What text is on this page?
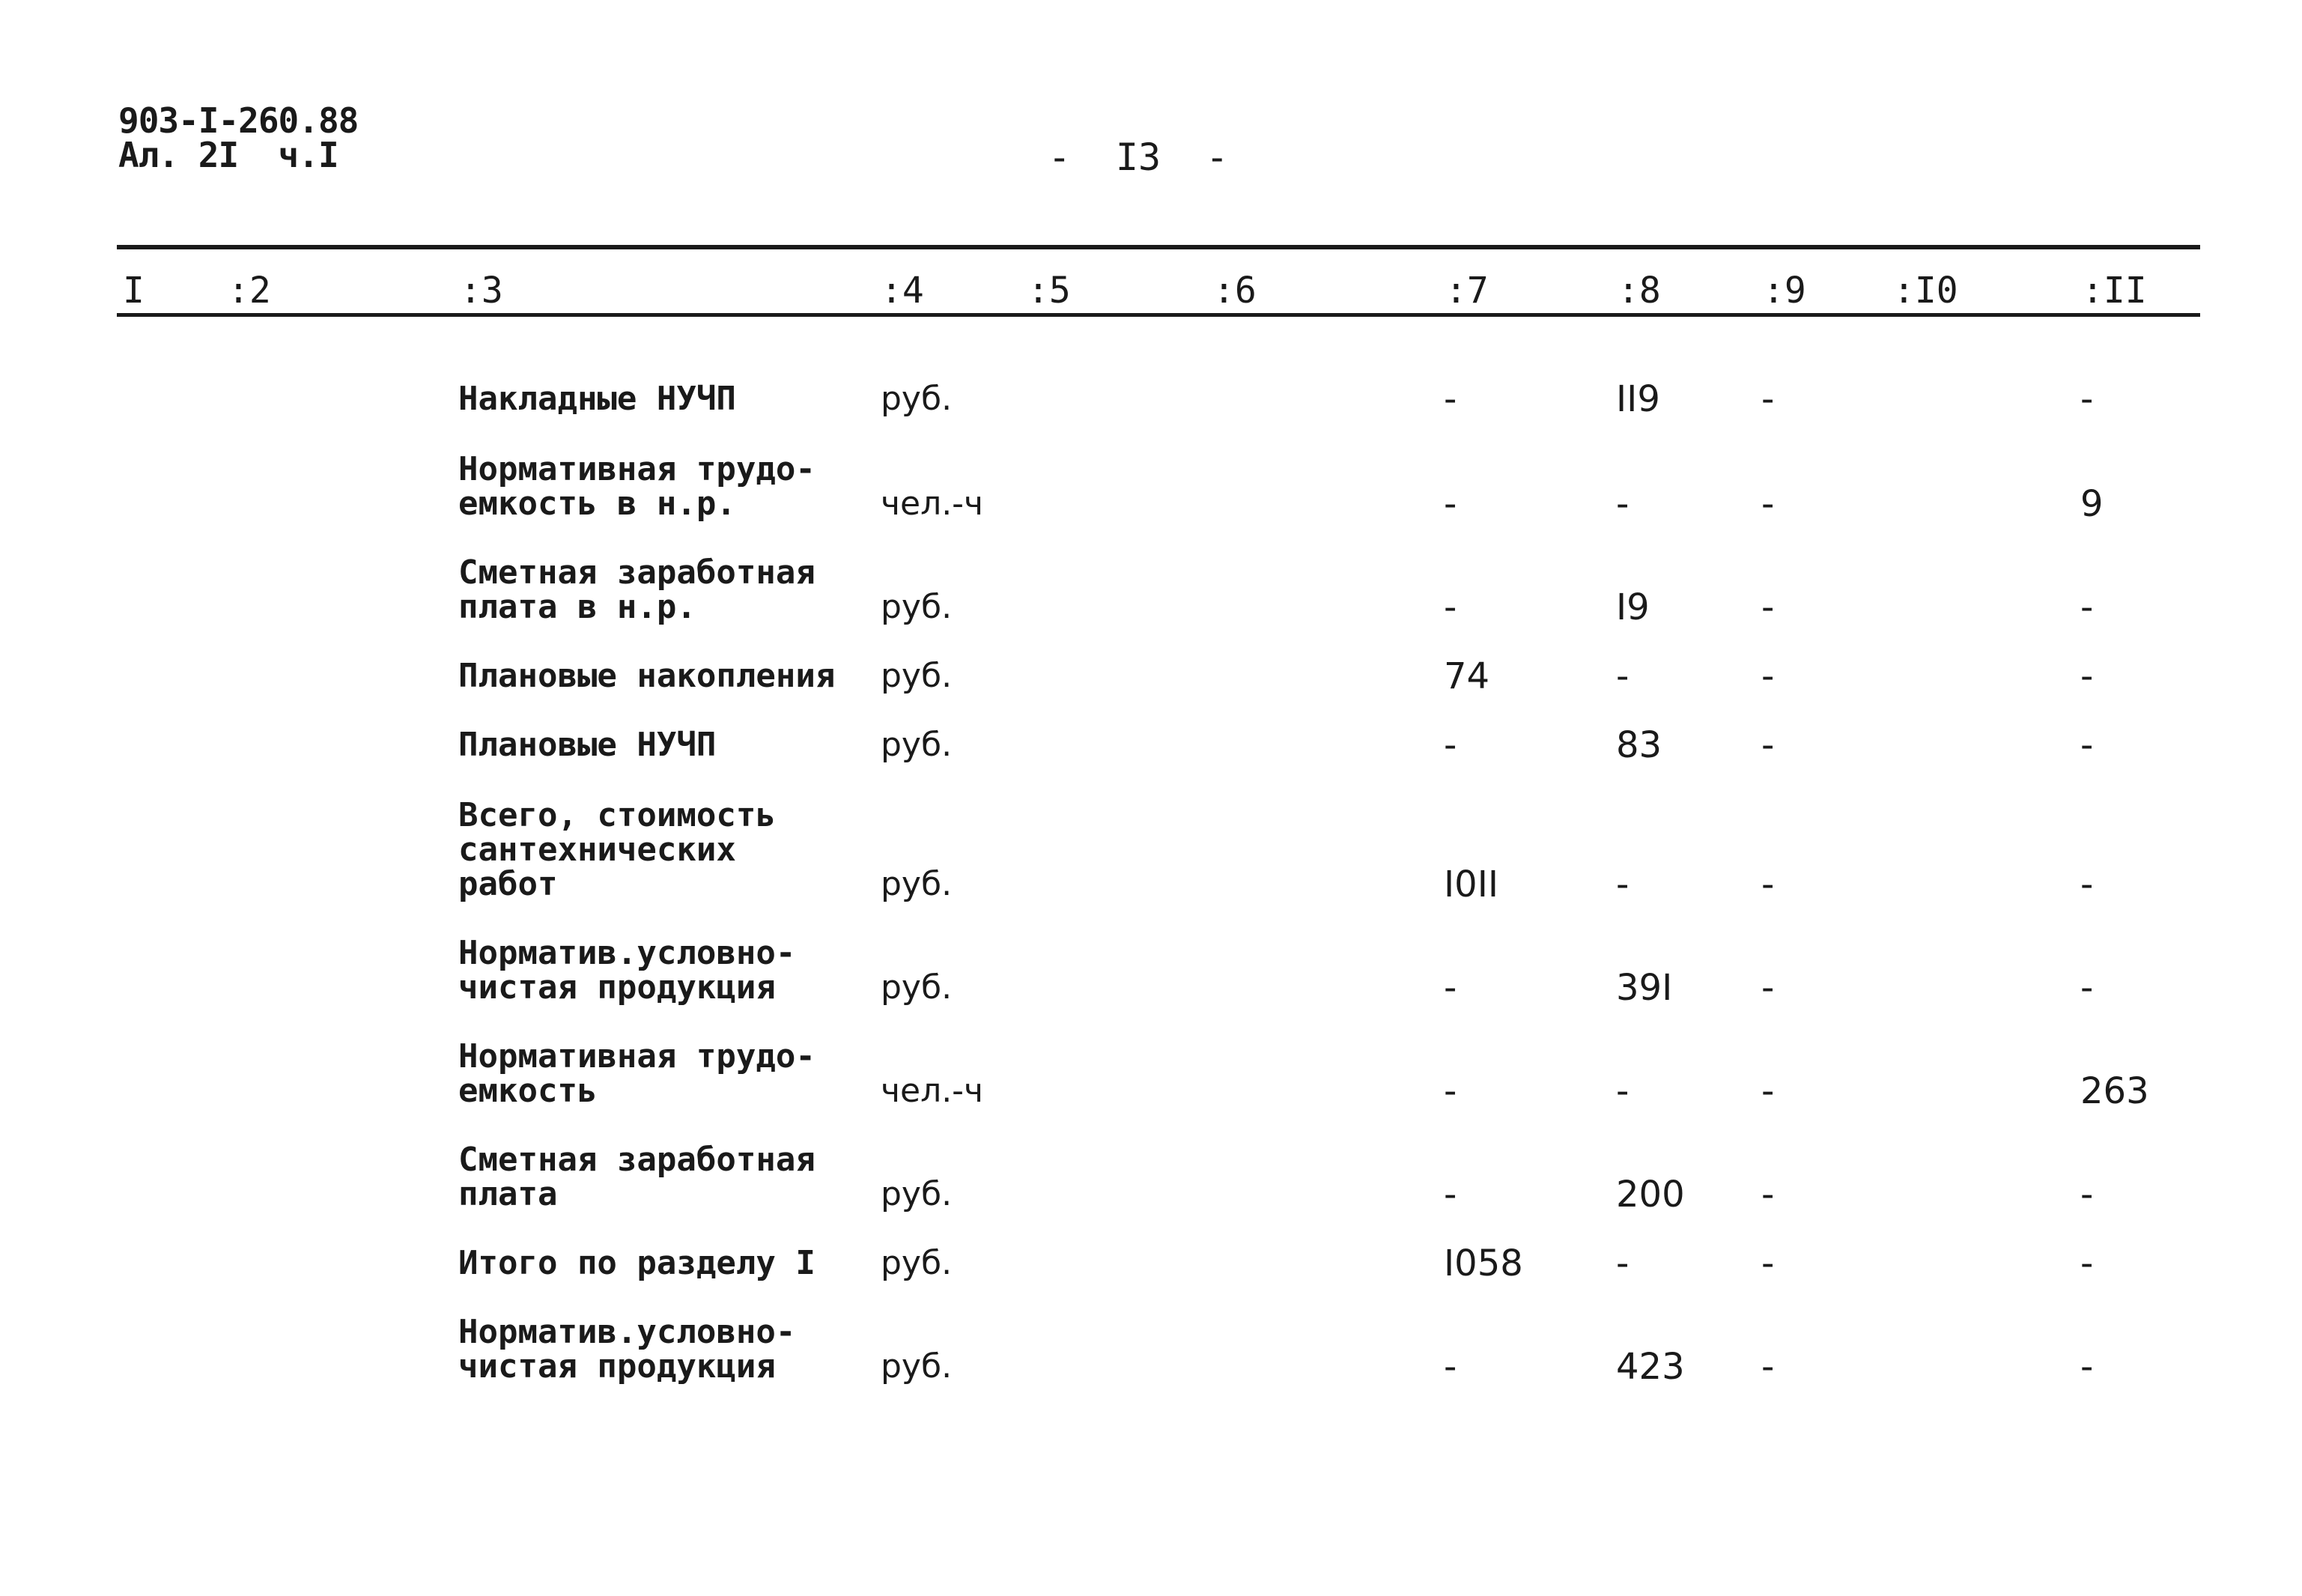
903-I-260.88
Ал. 2I  ч.I	-  I3  -
I :2	:3	:4	:5	:6	:7	:8	:9 :I0	:II
Накладные НУЧП	руб.	-	II9	-	-
Нормативная трудо-
емкость в н.р.	чел.-ч	-	-	-	9
Сметная заработная
плата в н.р.	руб.	-	I9	-	-
Плановые накопления руб.	74	-	-	-
Плановые НУЧП	руб.	-	83	-	-
Всего, стоимость
сантехнических
работ	руб.	I0II	-	-	-
Норматив.условно-
чистая продукция	руб.	-	39I -	-
Нормативная трудо-
емкость	чел.-ч	-	-	-	263
Сметная заработная
плата	руб.	-	200 -	-
Итого по разделу I руб.	I058	-	-	-
Норматив.условно-
чистая продукция	руб.	-	423 -	-
